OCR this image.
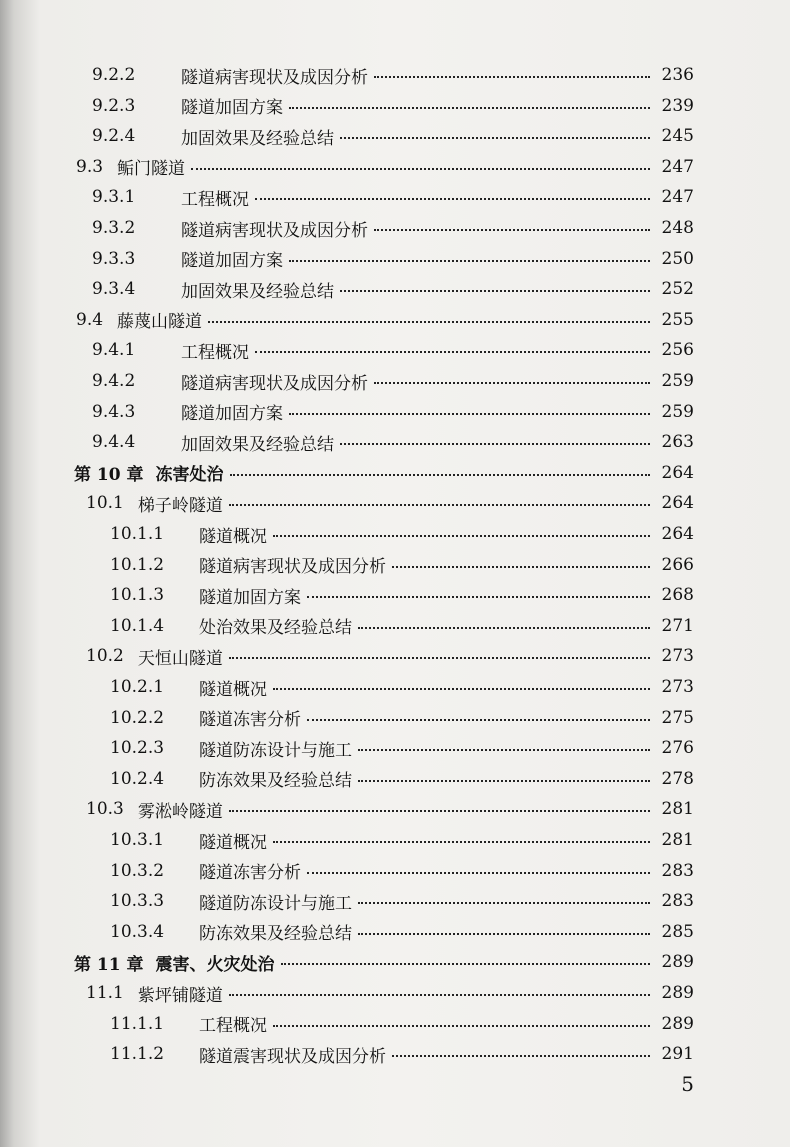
9.2.2	隧道病害现状及成因分析	236
9.2.3	隧道加固方案	239
9.2.4	加固效果及经验总结	245
9.3 鲘门隧道	247
9.3.1	工程概况	247
9.3.2	隧道病害现状及成因分析	248
9.3.3	隧道加固方案	250
9.3.4	加固效果及经验总结	252
9.4 藤蔑山隧道	255
9.4.1	工程概况	256
9.4.2	隧道病害现状及成因分析	259
9.4.3	隧道加固方案	259
9.4.4	加固效果及经验总结	263
第 10 章 冻害处治	264
10.1 梯子岭隧道	264
10.1.1	隧道概况	264
10.1.2	隧道病害现状及成因分析	266
10.1.3	隧道加固方案	268
10.1.4	处治效果及经验总结	271
10.2 天恒山隧道	273
10.2.1	隧道概况	273
10.2.2	隧道冻害分析	275
10.2.3	隧道防冻设计与施工	276
10.2.4	防冻效果及经验总结	278
10.3 雾淞岭隧道	281
10.3.1	隧道概况	281
10.3.2	隧道冻害分析	283
10.3.3	隧道防冻设计与施工	283
10.3.4	防冻效果及经验总结	285
第 11 章 震害、火灾处治	289
11.1 紫坪铺隧道	289
11.1.1	工程概况	289
11.1.2	隧道震害现状及成因分析	291
5
